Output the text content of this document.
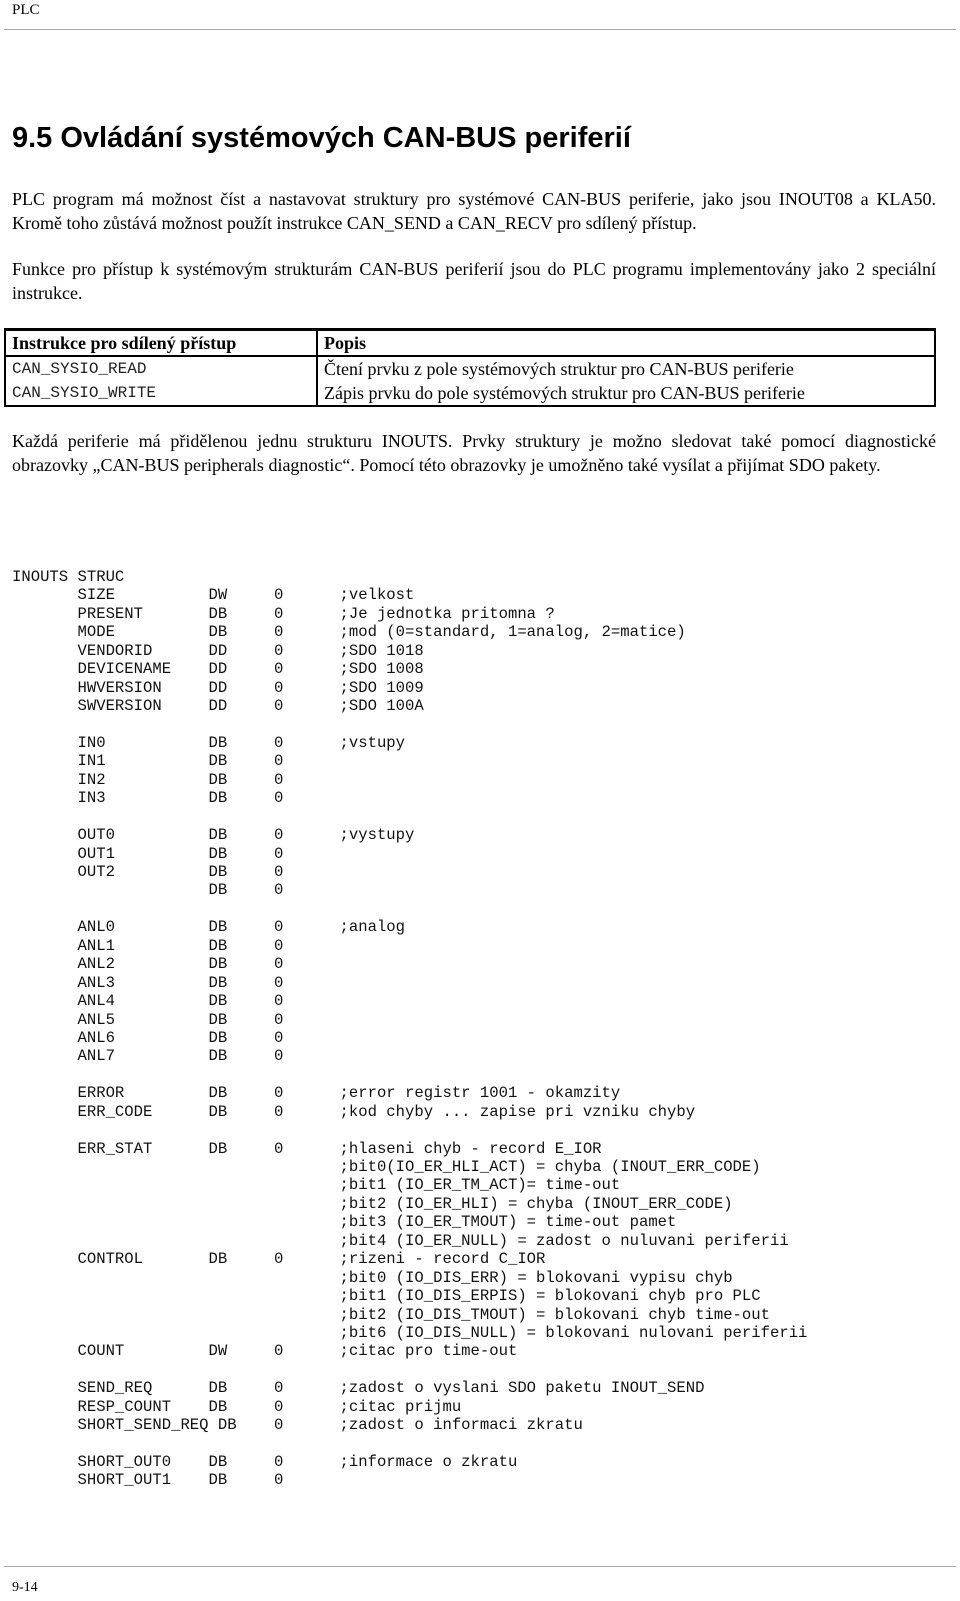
PLC
9.5 Ovládání systémových CAN-BUS periferií

PLC program má možnost číst a nastavovat struktury pro systémové CAN-BUS periferie, jako jsou INOUT08 a KLA50. Kromě toho zůstává možnost použít instrukce CAN_SEND a CAN_RECV pro sdílený přístup.

Funkce pro přístup k systémovým strukturám CAN-BUS periferií jsou do PLC programu implementovány jako 2 speciální instrukce.

Instrukce pro sdílený přístup	Popis
CAN_SYSIO_READ	Čtení prvku z pole systémových struktur pro CAN-BUS periferie
CAN_SYSIO_WRITE	Zápis prvku do pole systémových struktur pro CAN-BUS periferie

Každá periferie má přidělenou jednu strukturu INOUTS. Prvky struktury je možno sledovat také pomocí diagnostické obrazovky „CAN-BUS peripherals diagnostic“. Pomocí této obrazovky je umožněno také vysílat a přijímat SDO pakety.

INOUTS STRUC
SIZE          DW     0      ;velkost
PRESENT       DB     0      ;Je jednotka pritomna ?
MODE          DB     0      ;mod (0=standard, 1=analog, 2=matice)
VENDORID      DD     0      ;SDO 1018
DEVICENAME    DD     0      ;SDO 1008
HWVERSION     DD     0      ;SDO 1009
SWVERSION     DD     0      ;SDO 100A
IN0           DB     0      ;vstupy
IN1           DB     0
IN2           DB     0
IN3           DB     0
OUT0          DB     0      ;vystupy
OUT1          DB     0
OUT2          DB     0
DB     0
ANL0          DB     0      ;analog
ANL1          DB     0
ANL2          DB     0
ANL3          DB     0
ANL4          DB     0
ANL5          DB     0
ANL6          DB     0
ANL7          DB     0
ERROR         DB     0      ;error registr 1001 - okamzity
ERR_CODE      DB     0      ;kod chyby ... zapise pri vzniku chyby
ERR_STAT      DB     0      ;hlaseni chyb - record E_IOR
;bit0(IO_ER_HLI_ACT) = chyba (INOUT_ERR_CODE)
;bit1 (IO_ER_TM_ACT)= time-out
;bit2 (IO_ER_HLI) = chyba (INOUT_ERR_CODE)
;bit3 (IO_ER_TMOUT) = time-out pamet
;bit4 (IO_ER_NULL) = zadost o nuluvani periferii
CONTROL       DB     0      ;rizeni - record C_IOR
;bit0 (IO_DIS_ERR) = blokovani vypisu chyb
;bit1 (IO_DIS_ERPIS) = blokovani chyb pro PLC
;bit2 (IO_DIS_TMOUT) = blokovani chyb time-out
;bit6 (IO_DIS_NULL) = blokovani nulovani periferii
COUNT         DW     0      ;citac pro time-out
SEND_REQ      DB     0      ;zadost o vyslani SDO paketu INOUT_SEND
RESP_COUNT    DB     0      ;citac prijmu
SHORT_SEND_REQ DB    0      ;zadost o informaci zkratu
SHORT_OUT0    DB     0      ;informace o zkratu
SHORT_OUT1    DB     0
9-14
